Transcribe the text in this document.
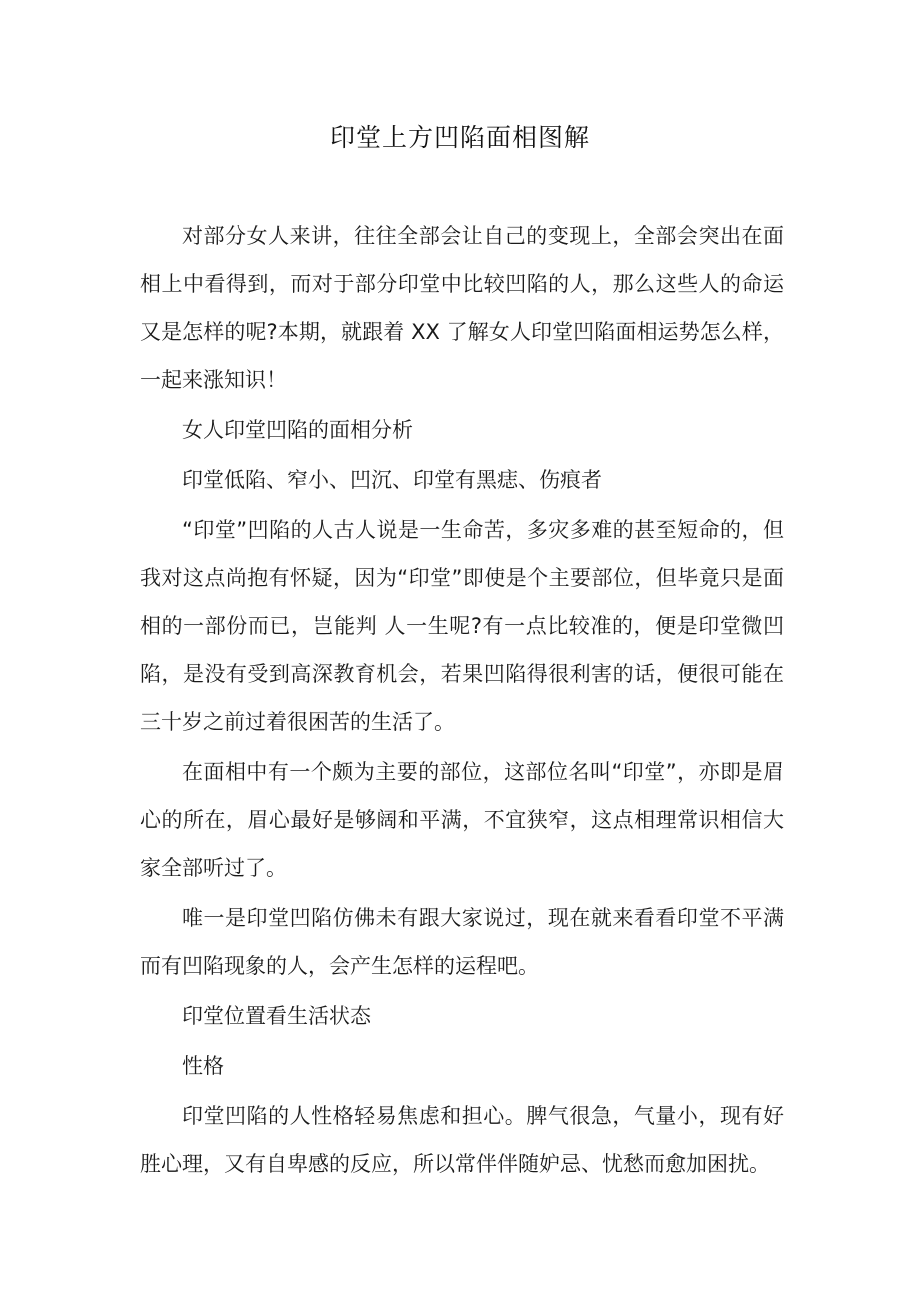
印堂上方凹陷面相图解

对部分女人来讲，往往全部会让自己的变现上，全部会突出在面相上中看得到，而对于部分印堂中比较凹陷的人，那么这些人的命运又是怎样的呢?本期，就跟着 XX 了解女人印堂凹陷面相运势怎么样，一起来涨知识！

女人印堂凹陷的面相分析

印堂低陷、窄小、凹沉、印堂有黑痣、伤痕者

“印堂”凹陷的人古人说是一生命苦，多灾多难的甚至短命的，但我对这点尚抱有怀疑，因为“印堂”即使是个主要部位，但毕竟只是面相的一部份而已，岂能判 人一生呢?有一点比较准的，便是印堂微凹陷，是没有受到高深教育机会，若果凹陷得很利害的话，便很可能在三十岁之前过着很困苦的生活了。

在面相中有一个颇为主要的部位，这部位名叫“印堂”，亦即是眉心的所在，眉心最好是够阔和平满，不宜狭窄，这点相理常识相信大家全部听过了。

唯一是印堂凹陷仿佛未有跟大家说过，现在就来看看印堂不平满而有凹陷现象的人，会产生怎样的运程吧。

印堂位置看生活状态

性格

印堂凹陷的人性格轻易焦虑和担心。脾气很急，气量小，现有好胜心理，又有自卑感的反应，所以常伴伴随妒忌、忧愁而愈加困扰。
